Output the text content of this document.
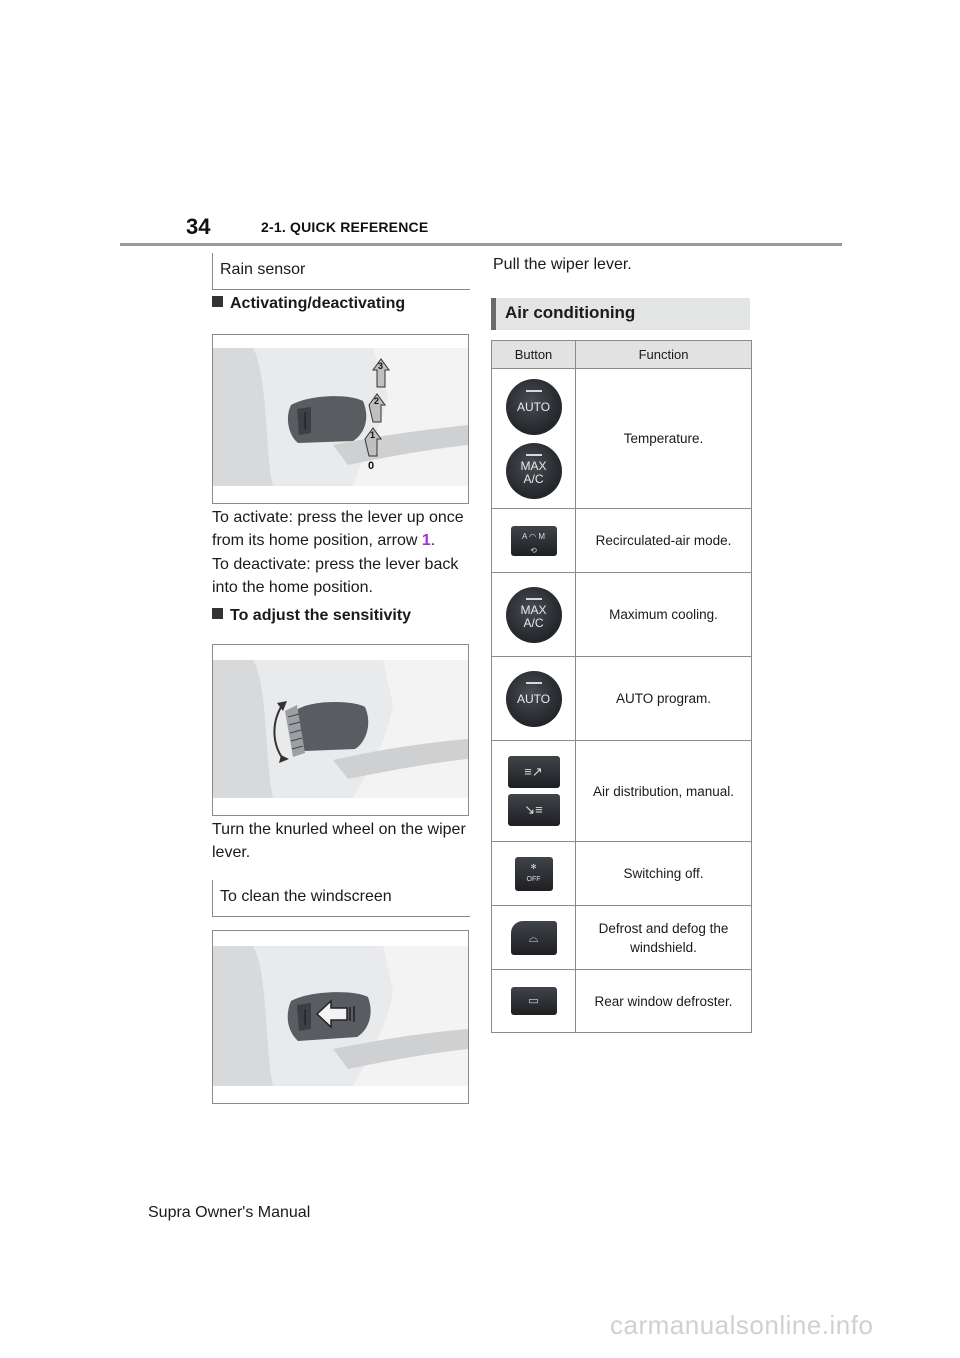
34	2-1. QUICK REFERENCE
Rain sensor
Activating/deactivating
3
2
1
0
To activate: press the lever up once from its home position, arrow 1.
To deactivate: press the lever back into the home position.
To adjust the sensitivity
Turn the knurled wheel on the wiper lever.
To clean the windscreen
Pull the wiper lever.
Air conditioning
Button	Function

AUTO
MAX
A/C	Temperature.

A ◠ M
⟲	Recirculated-air mode.

MAX
A/C	Maximum cooling.

AUTO	AUTO program.

≡↗
↘≡	Air distribution, manual.

✻
OFF	Switching off.

⌓	Defrost and defog the windshield.

▭	Rear window defroster.
Supra Owner's Manual
carmanualsonline.info
